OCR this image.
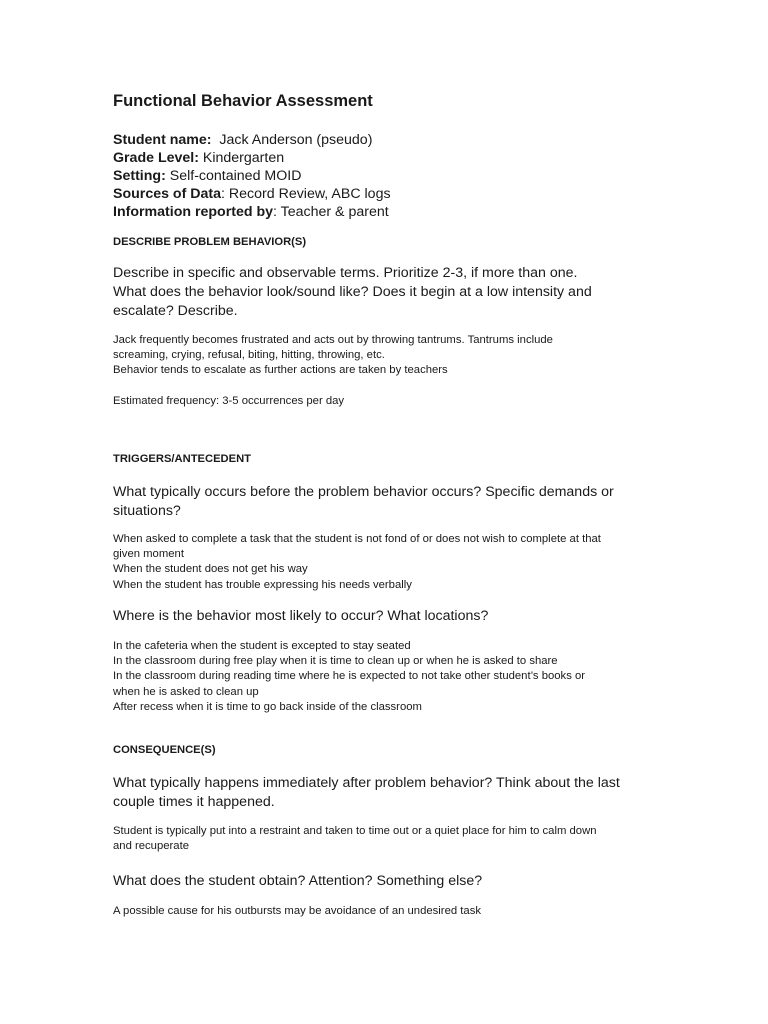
Functional Behavior Assessment
Student name:  Jack Anderson (pseudo)
Grade Level: Kindergarten
Setting: Self-contained MOID
Sources of Data: Record Review, ABC logs
Information reported by: Teacher & parent
DESCRIBE PROBLEM BEHAVIOR(S)
Describe in specific and observable terms. Prioritize 2-3, if more than one.
What does the behavior look/sound like? Does it begin at a low intensity and
escalate? Describe.
Jack frequently becomes frustrated and acts out by throwing tantrums. Tantrums include
screaming, crying, refusal, biting, hitting, throwing, etc.
Behavior tends to escalate as further actions are taken by teachers
Estimated frequency: 3-5 occurrences per day
TRIGGERS/ANTECEDENT
What typically occurs before the problem behavior occurs? Specific demands or
situations?
When asked to complete a task that the student is not fond of or does not wish to complete at that
given moment
When the student does not get his way
When the student has trouble expressing his needs verbally
Where is the behavior most likely to occur? What locations?
In the cafeteria when the student is excepted to stay seated
In the classroom during free play when it is time to clean up or when he is asked to share
In the classroom during reading time where he is expected to not take other student’s books or
when he is asked to clean up
After recess when it is time to go back inside of the classroom
CONSEQUENCE(S)
What typically happens immediately after problem behavior? Think about the last
couple times it happened.
Student is typically put into a restraint and taken to time out or a quiet place for him to calm down
and recuperate
What does the student obtain? Attention? Something else?
A possible cause for his outbursts may be avoidance of an undesired task
